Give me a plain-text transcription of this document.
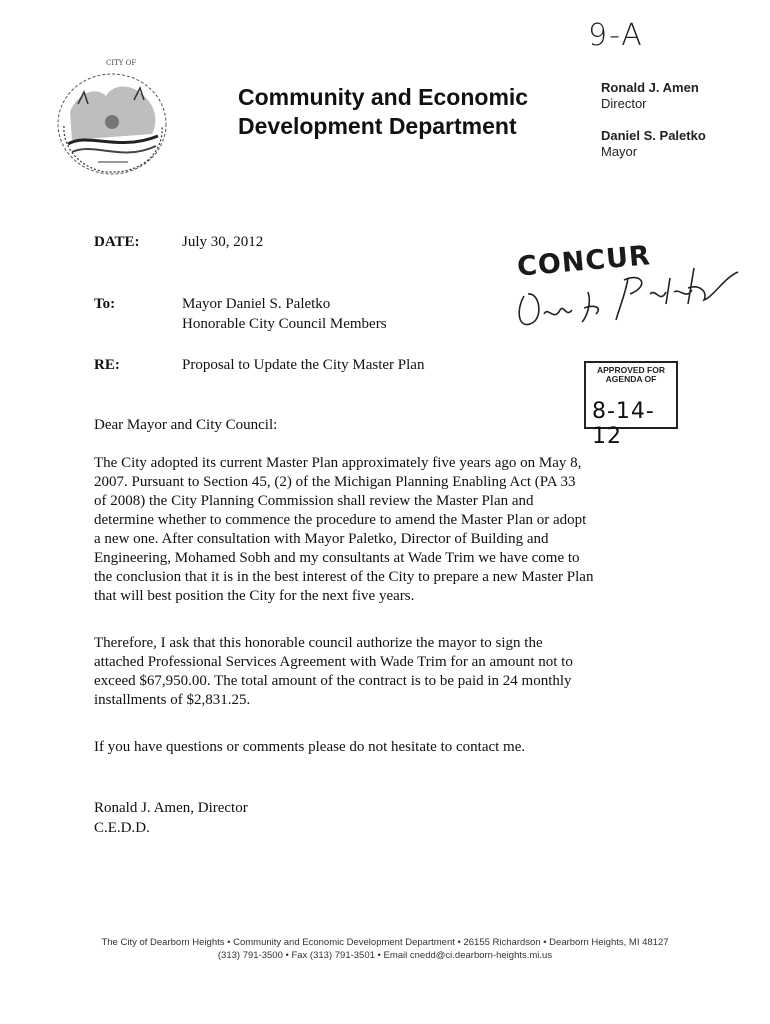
9-A
CITY OF
Community and Economic
Development Department
Ronald J. Amen
Director
Daniel S. Paletko
Mayor
DATE:	July 30, 2012
To:	Mayor Daniel S. Paletko
Honorable City Council Members
RE:	Proposal to Update the City Master Plan
CONCUR
APPROVED FOR
AGENDA OF
8-14-12
Dear Mayor and City Council:
The City adopted its current Master Plan approximately five years ago on May 8,
2007. Pursuant to Section 45, (2) of the Michigan Planning Enabling Act (PA 33
of 2008) the City Planning Commission shall review the Master Plan and
determine whether to commence the procedure to amend the Master Plan or adopt
a new one. After consultation with Mayor Paletko, Director of Building and
Engineering, Mohamed Sobh and my consultants at Wade Trim we have come to
the conclusion that it is in the best interest of the City to prepare a new Master Plan
that will best position the City for the next five years.
Therefore, I ask that this honorable council authorize the mayor to sign the
attached Professional Services Agreement with Wade Trim for an amount not to
exceed $67,950.00. The total amount of the contract is to be paid in 24 monthly
installments of $2,831.25.
If you have questions or comments please do not hesitate to contact me.
Ronald J. Amen, Director
C.E.D.D.
The City of Dearborn Heights • Community and Economic Development Department • 26155 Richardson • Dearborn Heights, MI 48127
(313) 791-3500 • Fax (313) 791-3501 • Email cnedd@ci.dearborn-heights.mi.us
